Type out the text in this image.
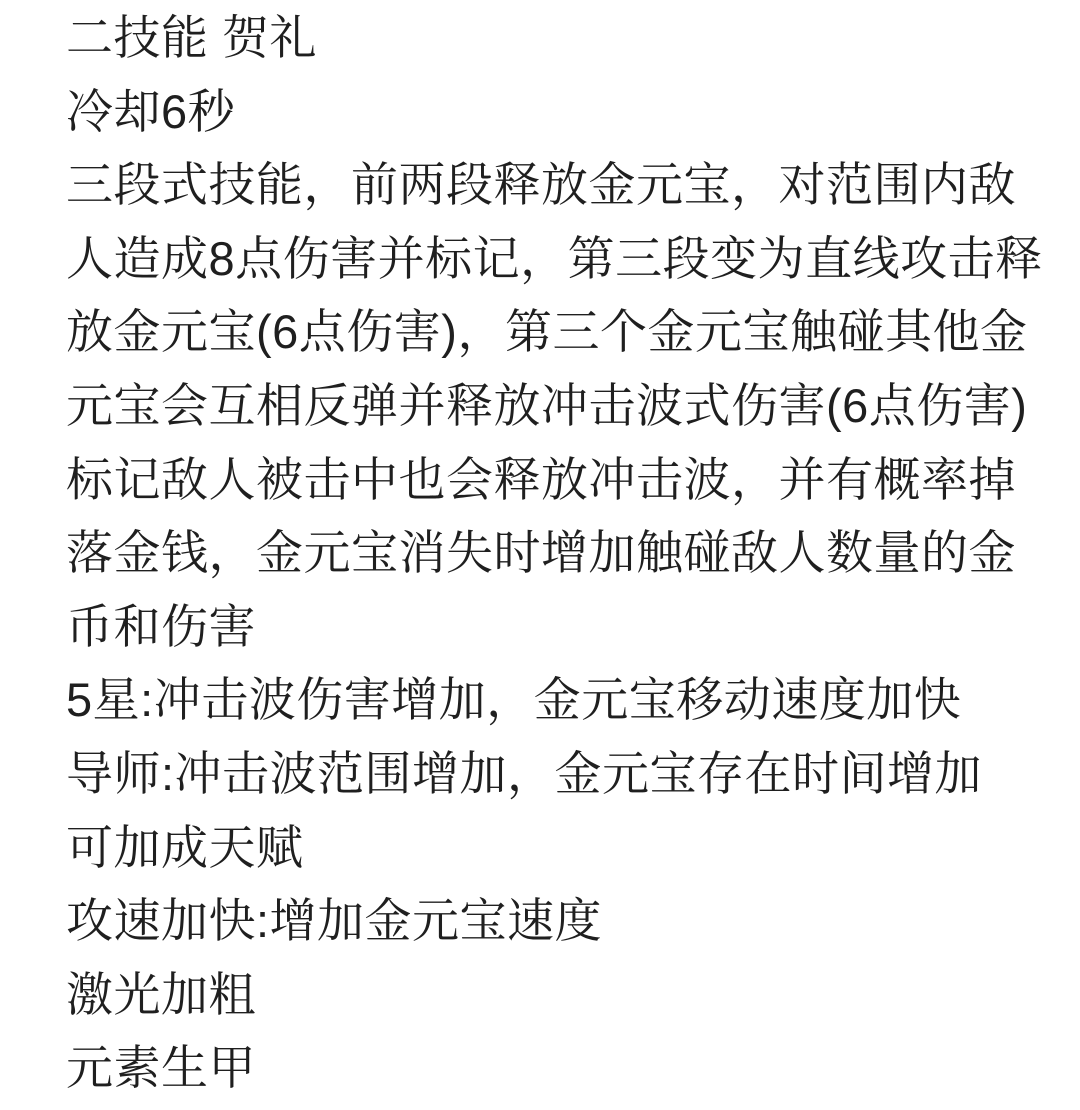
二技能 贺礼
冷却6秒
三段式技能，前两段释放金元宝，对范围内敌
人造成8点伤害并标记，第三段变为直线攻击释
放金元宝(6点伤害)，第三个金元宝触碰其他金
元宝会互相反弹并释放冲击波式伤害(6点伤害)
标记敌人被击中也会释放冲击波，并有概率掉
落金钱，金元宝消失时增加触碰敌人数量的金
币和伤害
5星:冲击波伤害增加，金元宝移动速度加快
导师:冲击波范围增加，金元宝存在时间增加
可加成天赋
攻速加快:增加金元宝速度
激光加粗
元素生甲
